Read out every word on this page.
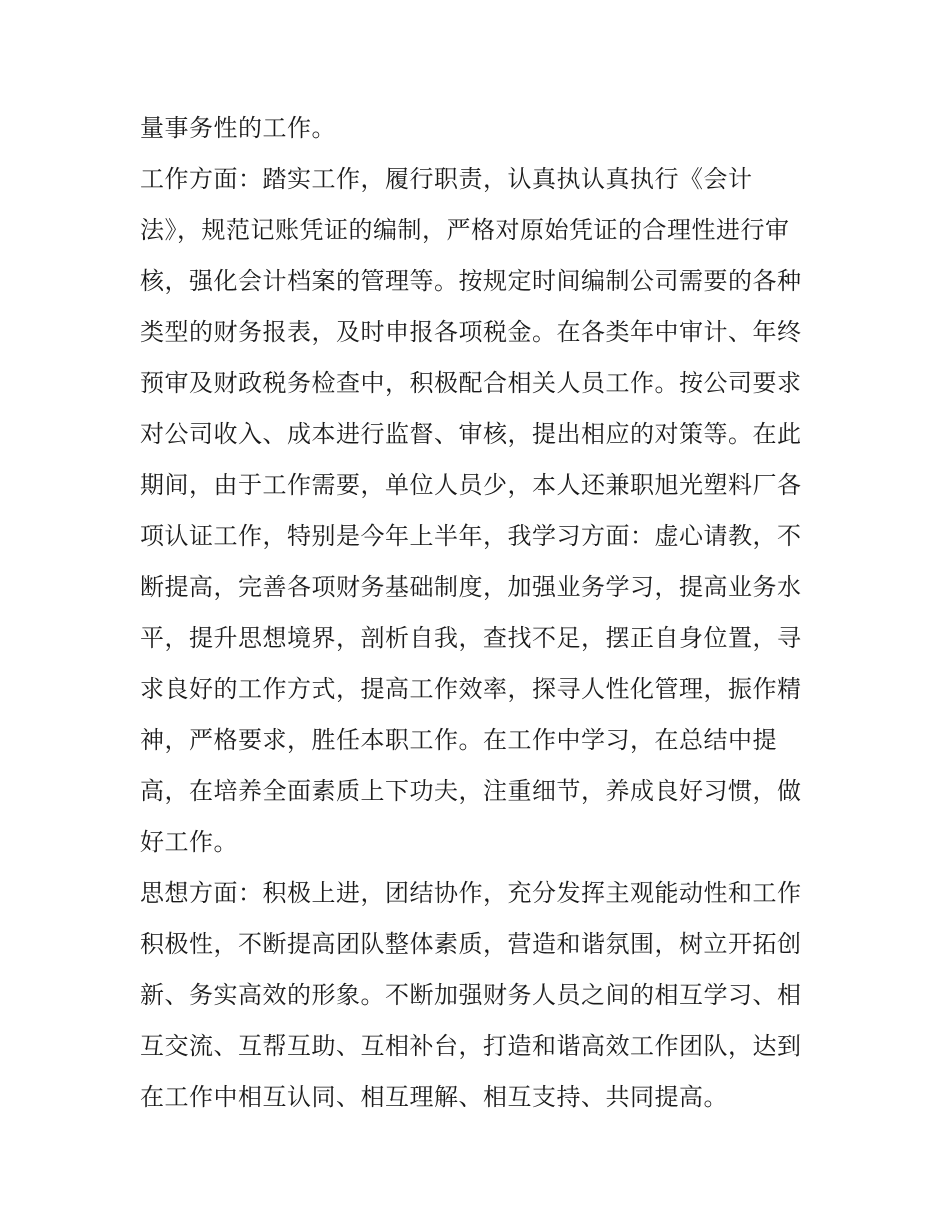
量事务性的工作。
工作方面：踏实工作，履行职责，认真执认真执行《会计
法》，规范记账凭证的编制，严格对原始凭证的合理性进行审
核，强化会计档案的管理等。按规定时间编制公司需要的各种
类型的财务报表，及时申报各项税金。在各类年中审计、年终
预审及财政税务检查中，积极配合相关人员工作。按公司要求
对公司收入、成本进行监督、审核，提出相应的对策等。在此
期间，由于工作需要，单位人员少，本人还兼职旭光塑料厂各
项认证工作，特别是今年上半年，我学习方面：虚心请教，不
断提高，完善各项财务基础制度，加强业务学习，提高业务水
平，提升思想境界，剖析自我，查找不足，摆正自身位置，寻
求良好的工作方式，提高工作效率，探寻人性化管理，振作精
神，严格要求，胜任本职工作。在工作中学习，在总结中提
高，在培养全面素质上下功夫，注重细节，养成良好习惯，做
好工作。
思想方面：积极上进，团结协作，充分发挥主观能动性和工作
积极性，不断提高团队整体素质，营造和谐氛围，树立开拓创
新、务实高效的形象。不断加强财务人员之间的相互学习、相
互交流、互帮互助、互相补台，打造和谐高效工作团队，达到
在工作中相互认同、相互理解、相互支持、共同提高。
